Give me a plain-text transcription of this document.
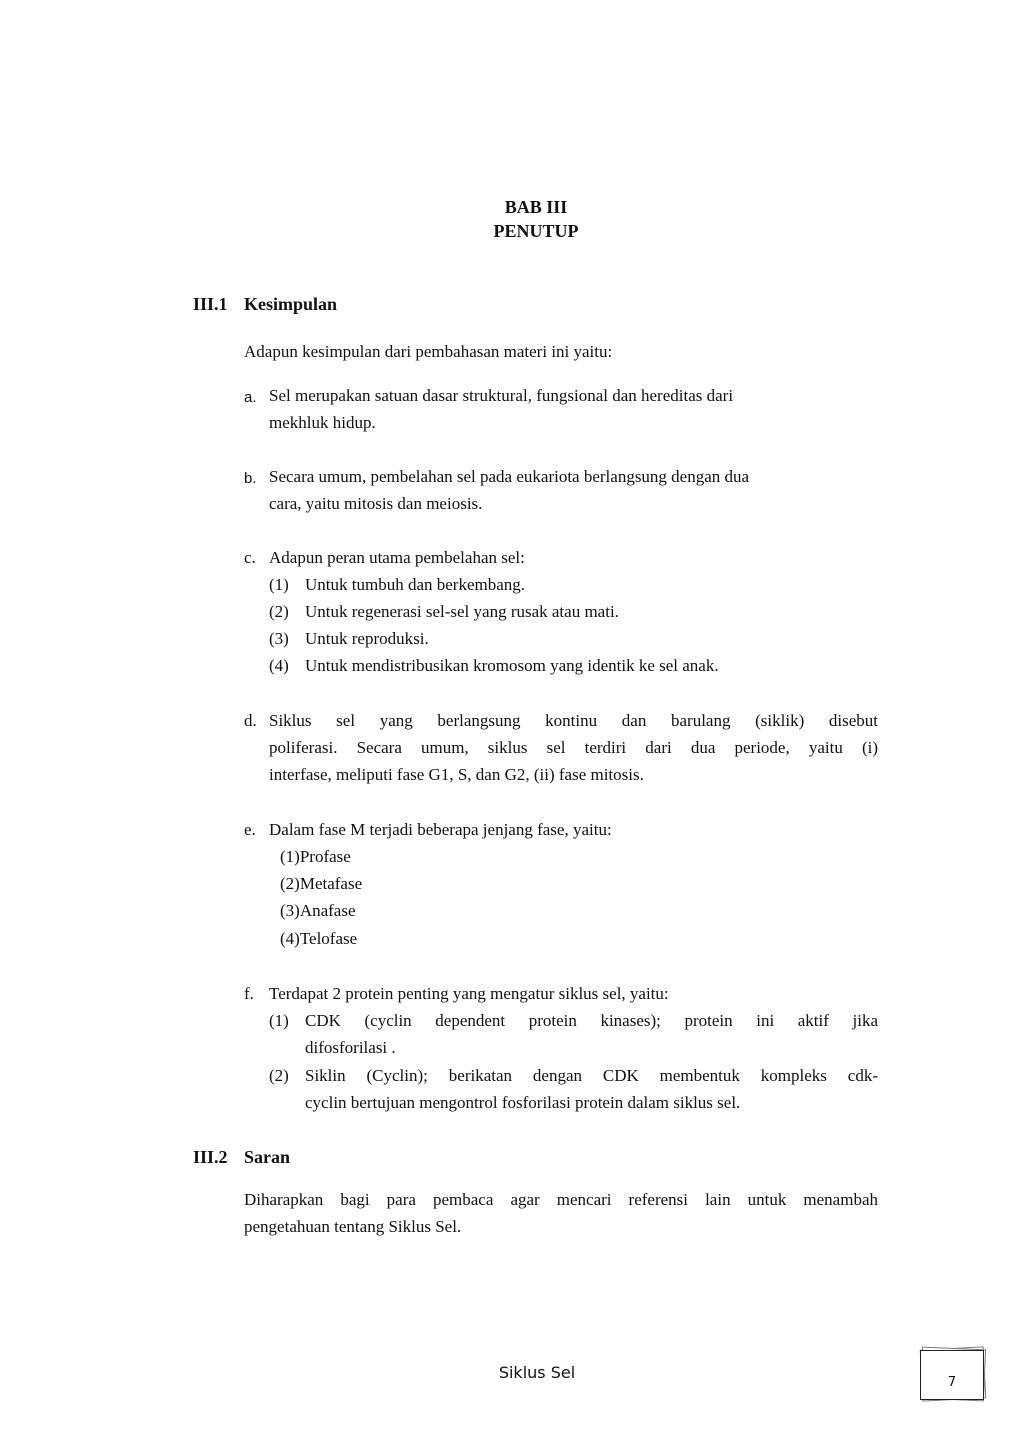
BAB III
PENUTUP
III.1 Kesimpulan
Adapun kesimpulan dari pembahasan materi ini yaitu:
a. Sel merupakan satuan dasar struktural, fungsional dan hereditas dari
mekhluk hidup.
b. Secara umum, pembelahan sel pada eukariota berlangsung dengan dua
cara, yaitu mitosis dan meiosis.
c. Adapun peran utama pembelahan sel:
(1) Untuk tumbuh dan berkembang.
(2) Untuk regenerasi sel-sel yang rusak atau mati.
(3) Untuk reproduksi.
(4) Untuk mendistribusikan kromosom yang identik ke sel anak.
d. Siklus sel yang berlangsung kontinu dan barulang (siklik) disebut
poliferasi. Secara umum, siklus sel terdiri dari dua periode, yaitu (i)
interfase, meliputi fase G1, S, dan G2, (ii) fase mitosis.
e. Dalam fase M terjadi beberapa jenjang fase, yaitu:
(1)Profase
(2)Metafase
(3)Anafase
(4)Telofase
f. Terdapat 2 protein penting yang mengatur siklus sel, yaitu:
(1) CDK (cyclin dependent protein kinases); protein ini aktif jika
difosforilasi .
(2) Siklin (Cyclin); berikatan dengan CDK membentuk kompleks cdk-
cyclin bertujuan mengontrol fosforilasi protein dalam siklus sel.
III.2 Saran
Diharapkan bagi para pembaca agar mencari referensi lain untuk menambah
pengetahuan tentang Siklus Sel.
Siklus Sel
7
